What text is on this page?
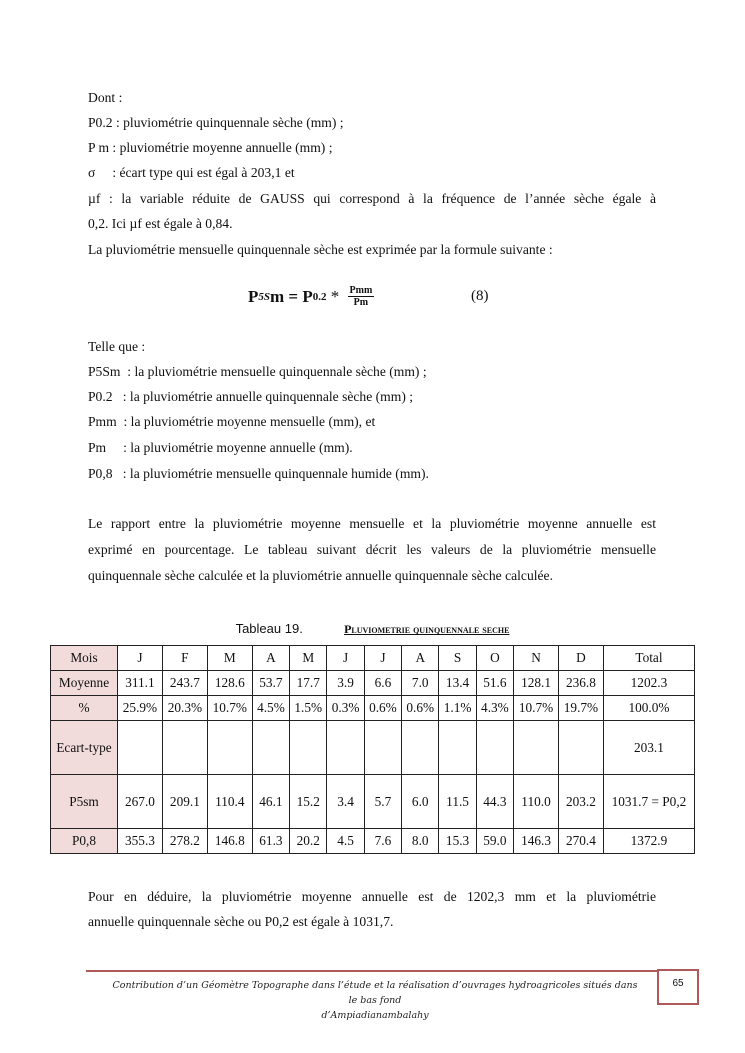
Dont :
P0.2 : pluviométrie quinquennale sèche (mm) ;
P m : pluviométrie moyenne annuelle (mm) ;
σ     : écart type qui est égal à 203,1 et
µf : la variable réduite de GAUSS qui correspond à la fréquence de l’année sèche égale à
0,2. Ici µf est égale à 0,84.
La pluviométrie mensuelle quinquennale sèche est exprimée par la formule suivante :
P 5S m = P $0.2 * \frac{\text{Pmm}}{Pm}$	(8)
Telle que :
P5Sm  : la pluviométrie mensuelle quinquennale sèche (mm) ;
P0.2   : la pluviométrie annuelle quinquennale sèche (mm) ;
Pmm  : la pluviométrie moyenne mensuelle (mm), et
Pm     : la pluviométrie moyenne annuelle (mm).
P0,8   : la pluviométrie mensuelle quinquennale humide (mm).
Le rapport entre la pluviométrie moyenne mensuelle et la pluviométrie moyenne annuelle est
exprimé en pourcentage. Le tableau suivant décrit les valeurs de la pluviométrie mensuelle
quinquennale sèche calculée et la pluviométrie annuelle quinquennale sèche calculée.
Tableau 19.	Pluviometrie quinquennale seche
Mois	J	F	M	A	M	J	J	A	S	O	N	D	Total
Moyenne	311.1	243.7	128.6	53.7	17.7	3.9	6.6	7.0	13.4	51.6	128.1	236.8	1202.3
%	25.9%	20.3%	10.7%	4.5%	1.5%	0.3%	0.6%	0.6%	1.1%	4.3%	10.7%	19.7%	100.0%
Ecart-type													203.1
P5sm	267.0	209.1	110.4	46.1	15.2	3.4	5.7	6.0	11.5	44.3	110.0	203.2	1031.7 = P0,2
P0,8	355.3	278.2	146.8	61.3	20.2	4.5	7.6	8.0	15.3	59.0	146.3	270.4	1372.9
Pour en déduire, la pluviométrie moyenne annuelle est de 1202,3 mm et la pluviométrie
annuelle quinquennale sèche ou P0,2 est égale à 1031,7.
Contribution d’un Géomètre Topographe dans l’étude et la réalisation d’ouvrages hydroagricoles situés dans le bas fond
d’Ampiadianambalahy
65
